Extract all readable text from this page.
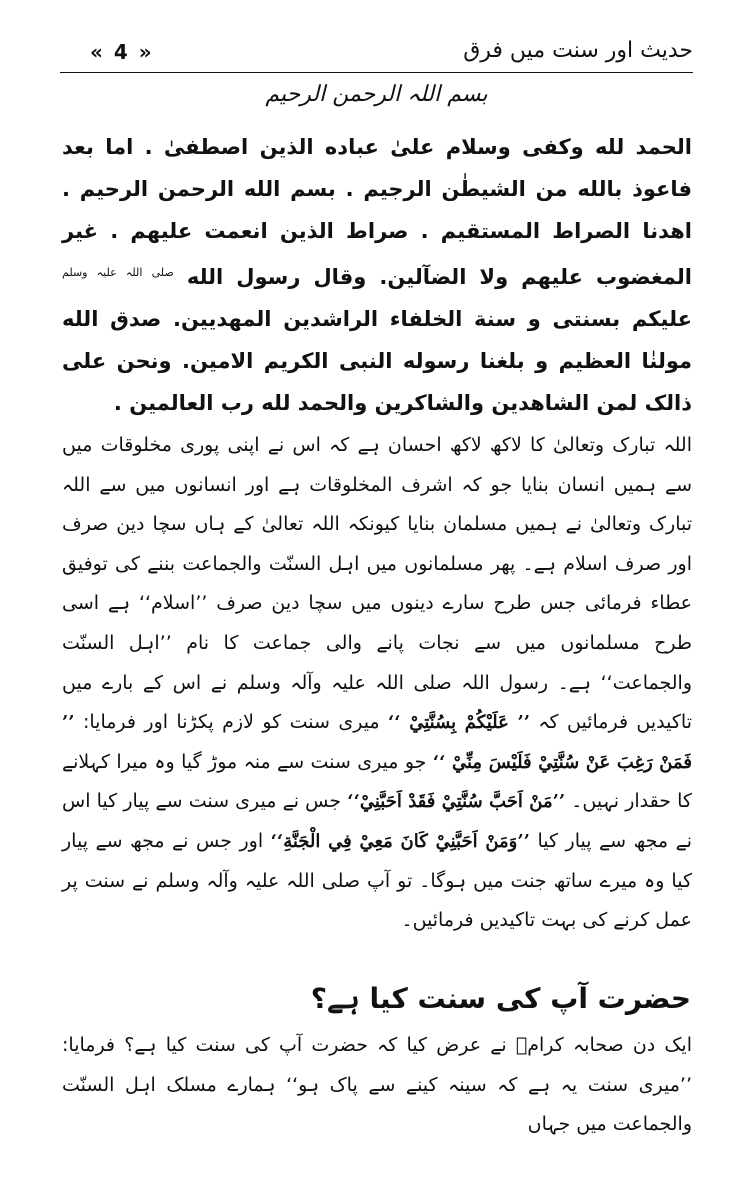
« 4 »	حدیث اور سنت میں فرق
بسم اللہ الرحمن الرحیم
الحمد لله وكفى وسلام علىٰ عباده الذين اصطفىٰ . اما بعد فاعوذ بالله من الشيطٰن الرجيم . بسم الله الرحمن الرحيم . اهدنا الصراط المستقيم . صراط الذين انعمت عليهم . غير المغضوب عليهم ولا الضآلين. وقال رسول الله $^{صلی اللہ علیہ وسلم}$ عليكم بسنتی و سنة الخلفاء الراشدين المهديين. صدق الله مولنٰا العظيم و بلغنا رسوله النبی الكريم الامين. ونحن علی ذالک لمن الشاهدين والشاكرين والحمد لله رب العالمين .
اللہ تبارک وتعالیٰ کا لاکھ لاکھ احسان ہے کہ اس نے اپنی پوری مخلوقات میں سے ہمیں انسان بنایا جو کہ اشرف المخلوقات ہے اور انسانوں میں سے اللہ تبارک وتعالیٰ نے ہمیں مسلمان بنایا کیونکہ اللہ تعالیٰ کے ہاں سچا دین صرف اور صرف اسلام ہے۔ پھر مسلمانوں میں اہل السنّت والجماعت بننے کی توفیق عطاء فرمائی جس طرح سارے دینوں میں سچا دین صرف ’’اسلام‘‘ ہے اسی طرح مسلمانوں میں سے نجات پانے والی جماعت کا نام ’’اہل السنّت والجماعت‘‘ ہے۔ رسول اللہ صلی اللہ علیہ وآلہ وسلم نے اس کے بارے میں تاکیدیں فرمائیں کہ ’’ عَلَيْكُمْ بِسُنَّتِيْ ‘‘ میری سنت کو لازم پکڑنا اور فرمایا: ’’ فَمَنْ رَغِبَ عَنْ سُنَّتِيْ فَلَيْسَ مِنِّيْ ‘‘ جو میری سنت سے منہ موڑ گیا وہ میرا کہلانے کا حقدار نہیں۔ ’’مَنْ اَحَبَّ سُنَّتِيْ فَقَدْ اَحَبَّنِيْ‘‘ جس نے میری سنت سے پیار کیا اس نے مجھ سے پیار کیا ’’وَمَنْ اَحَبَّنِيْ كَانَ مَعِيْ فِي الْجَنَّةِ‘‘ اور جس نے مجھ سے پیار کیا وہ میرے ساتھ جنت میں ہوگا۔ تو آپ صلی اللہ علیہ وآلہ وسلم نے سنت پر عمل کرنے کی بہت تاکیدیں فرمائیں۔
حضرت آپ کی سنت کیا ہے؟
ایک دن صحابہ کرامؓ نے عرض کیا کہ حضرت آپ کی سنت کیا ہے؟ فرمایا: ’’میری سنت یہ ہے کہ سینہ کینے سے پاک ہو‘‘ ہمارے مسلک اہل السنّت والجماعت میں جہاں
